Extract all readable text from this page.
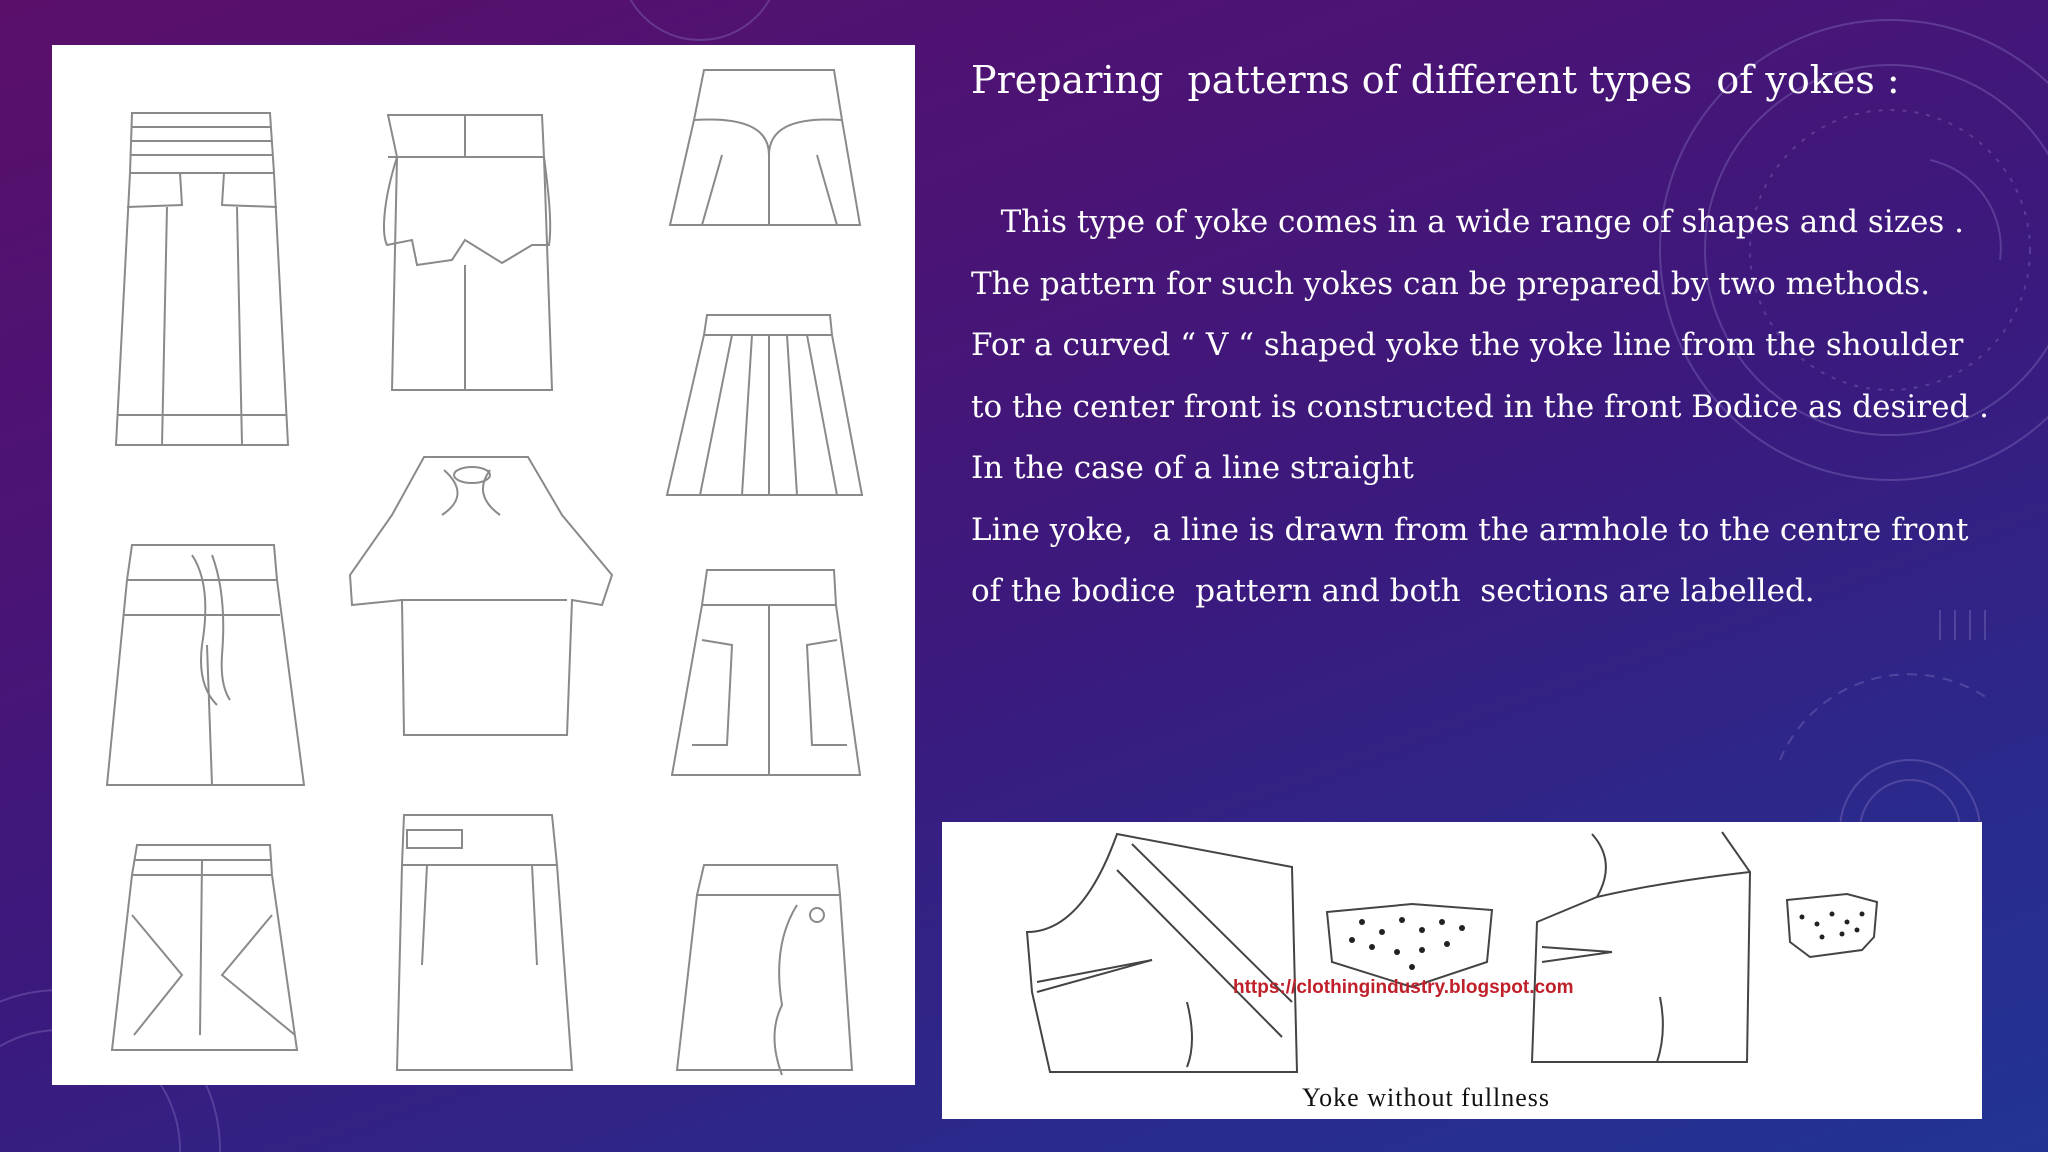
Preparing  patterns of different types  of yokes :

This type of yoke comes in a wide range of shapes and sizes . The pattern for such yokes can be prepared by two methods. For a curved “ V “ shaped yoke the yoke line from the shoulder to the center front is constructed in the front Bodice as desired . In the case of a line straight

Line yoke,  a line is drawn from the armhole to the centre front of the bodice  pattern and both  sections are labelled.

https://clothingindustry.blogspot.com
Yoke without fullness
